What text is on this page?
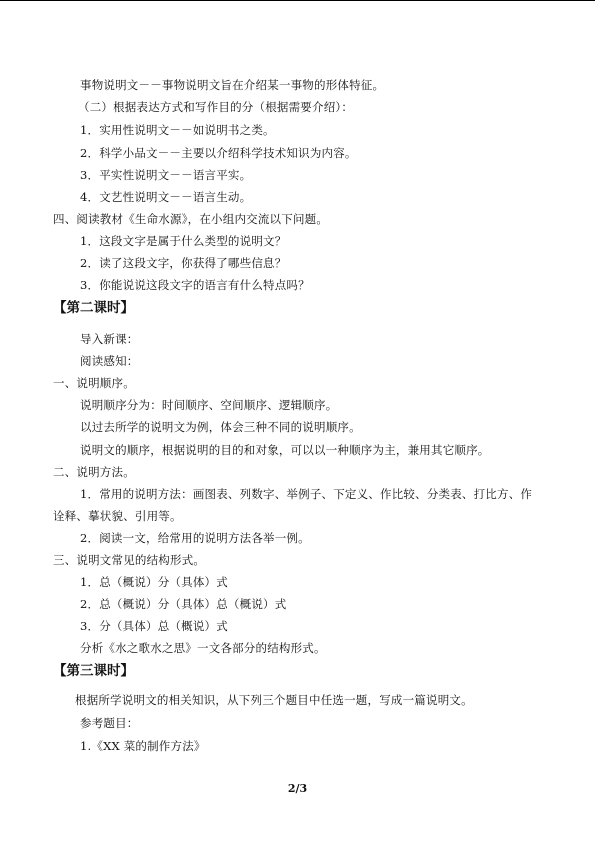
事物说明文－－事物说明文旨在介绍某一事物的形体特征。
（二）根据表达方式和写作目的分（根据需要介绍）：
1．实用性说明文－－如说明书之类。
2．科学小品文－－主要以介绍科学技术知识为内容。
3．平实性说明文－－语言平实。
4．文艺性说明文－－语言生动。
四、阅读教材《生命水源》，在小组内交流以下问题。
1．这段文字是属于什么类型的说明文？
2．读了这段文字，你获得了哪些信息？
3．你能说说这段文字的语言有什么特点吗？
【第二课时】
导入新课：
阅读感知：
一、说明顺序。
说明顺序分为：时间顺序、空间顺序、逻辑顺序。
以过去所学的说明文为例，体会三种不同的说明顺序。
说明文的顺序，根据说明的目的和对象，可以以一种顺序为主，兼用其它顺序。
二、说明方法。
1．常用的说明方法：画图表、列数字、举例子、下定义、作比较、分类表、打比方、作
诠释、摹状貌、引用等。
2．阅读一文，给常用的说明方法各举一例。
三、说明文常见的结构形式。
1．总（概说）分（具体）式
2．总（概说）分（具体）总（概说）式
3．分（具体）总（概说）式
分析《水之歌水之思》一文各部分的结构形式。
【第三课时】
根据所学说明文的相关知识，从下列三个题目中任选一题，写成一篇说明文。
参考题目：
1.《XX 菜的制作方法》
2/3
